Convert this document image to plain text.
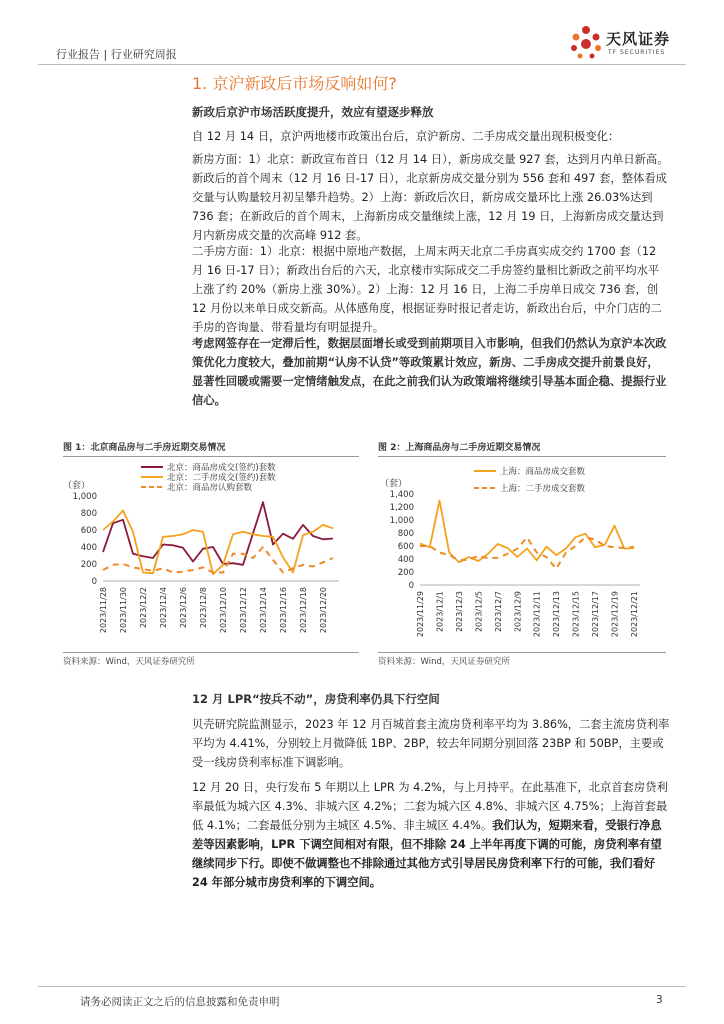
行业报告 | 行业研究周报
天风证券
TF SECURITIES
1. 京沪新政后市场反响如何?
新政后京沪市场活跃度提升，效应有望逐步释放
自 12 月 14 日，京沪两地楼市政策出台后，京沪新房、二手房成交量出现积极变化：
新房方面：1）北京：新政宣布首日（12 月 14 日），新房成交量 927 套，达到月内单日新高。新政后的首个周末（12 月 16 日-17 日），北京新房成交量分别为 556 套和 497 套，整体看成交量与认购量较月初呈攀升趋势。2）上海：新政后次日，新房成交量环比上涨 26.03%达到 736 套；在新政后的首个周末，上海新房成交量继续上涨，12 月 19 日，上海新房成交量达到月内新房成交量的次高峰 912 套。
二手房方面：1）北京：根据中原地产数据，上周末两天北京二手房真实成交约 1700 套（12 月 16 日-17 日）；新政出台后的六天，北京楼市实际成交二手房签约量相比新政之前平均水平上涨了约 20%（新房上涨 30%）。2）上海：12 月 16 日，上海二手房单日成交 736 套，创 12 月份以来单日成交新高。从体感角度，根据证券时报记者走访，新政出台后，中介门店的二手房的咨询量、带看量均有明显提升。
考虑网签存在一定滞后性，数据层面增长或受到前期项目入市影响，但我们仍然认为京沪本次政策优化力度较大，叠加前期“认房不认贷”等政策累计效应，新房、二手房成交提升前景良好，显著性回暖或需要一定情绪触发点，在此之前我们认为政策端将继续引导基本面企稳、提振行业信心。
图 1：北京商品房与二手房近期交易情况
（套）
0
200
400
600
800
1,000
2023/11/28 2023/11/30 2023/12/2 2023/12/4 2023/12/6 2023/12/8 2023/12/10 2023/12/12 2023/12/14 2023/12/16 2023/12/18 2023/12/20
北京：商品房成交(签约)套数
北京：二手房成交(签约)套数
北京：商品房认购套数
资料来源：Wind，天风证券研究所
图 2：上海商品房与二手房近期交易情况
（套）
0
200
400
600
800
1,000
1,200
1,400
2023/11/29 2023/12/1 2023/12/3 2023/12/5 2023/12/7 2023/12/9 2023/12/11 2023/12/13 2023/12/15 2023/12/17 2023/12/19 2023/12/21
上海：商品房成交套数
上海：二手房成交套数
资料来源：Wind，天风证券研究所
12 月 LPR“按兵不动”，房贷利率仍具下行空间
贝壳研究院监测显示，2023 年 12 月百城首套主流房贷利率平均为 3.86%，二套主流房贷利率平均为 4.41%，分别较上月微降低 1BP、2BP，较去年同期分别回落 23BP 和 50BP，主要或受一线房贷利率标准下调影响。
12 月 20 日，央行发布 5 年期以上 LPR 为 4.2%，与上月持平。在此基准下，北京首套房贷利率最低为城六区 4.3%、非城六区 4.2%；二套为城六区 4.8%、非城六区 4.75%；上海首套最低 4.1%；二套最低分别为主城区 4.5%、非主城区 4.4%。我们认为，短期来看，受银行净息差等因素影响，LPR 下调空间相对有限，但不排除 24 上半年再度下调的可能，房贷利率有望继续同步下行。即使不做调整也不排除通过其他方式引导居民房贷利率下行的可能，我们看好 24 年部分城市房贷利率的下调空间。
请务必阅读正文之后的信息披露和免责申明	3
